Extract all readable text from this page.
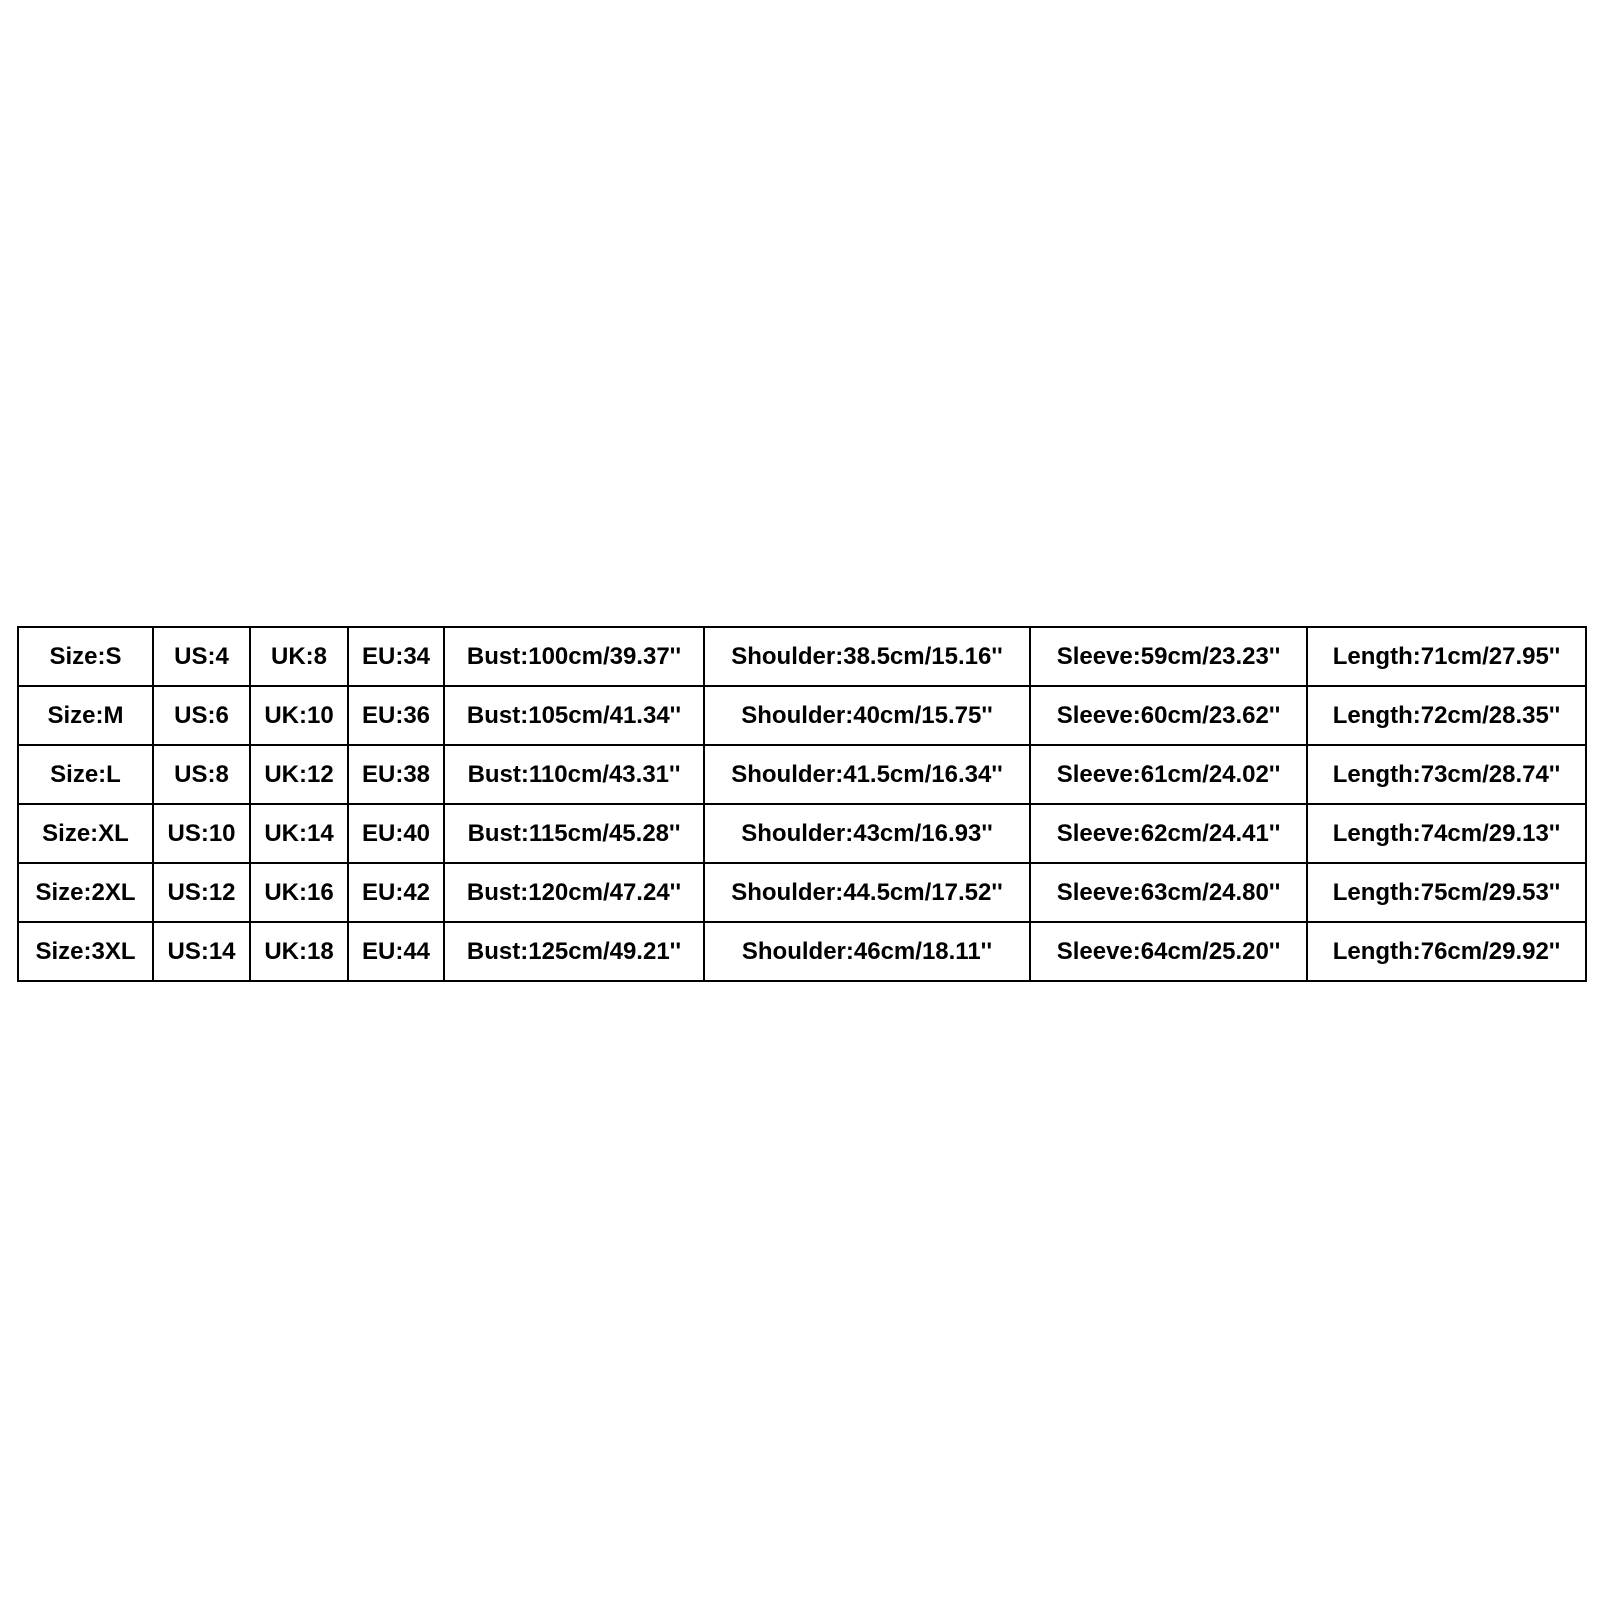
Size:S	US:4	UK:8	EU:34	Bust:100cm/39.37''	Shoulder:38.5cm/15.16''	Sleeve:59cm/23.23''	Length:71cm/27.95''
Size:M	US:6	UK:10	EU:36	Bust:105cm/41.34''	Shoulder:40cm/15.75''	Sleeve:60cm/23.62''	Length:72cm/28.35''
Size:L	US:8	UK:12	EU:38	Bust:110cm/43.31''	Shoulder:41.5cm/16.34''	Sleeve:61cm/24.02''	Length:73cm/28.74''
Size:XL	US:10	UK:14	EU:40	Bust:115cm/45.28''	Shoulder:43cm/16.93''	Sleeve:62cm/24.41''	Length:74cm/29.13''
Size:2XL	US:12	UK:16	EU:42	Bust:120cm/47.24''	Shoulder:44.5cm/17.52''	Sleeve:63cm/24.80''	Length:75cm/29.53''
Size:3XL	US:14	UK:18	EU:44	Bust:125cm/49.21''	Shoulder:46cm/18.11''	Sleeve:64cm/25.20''	Length:76cm/29.92''
